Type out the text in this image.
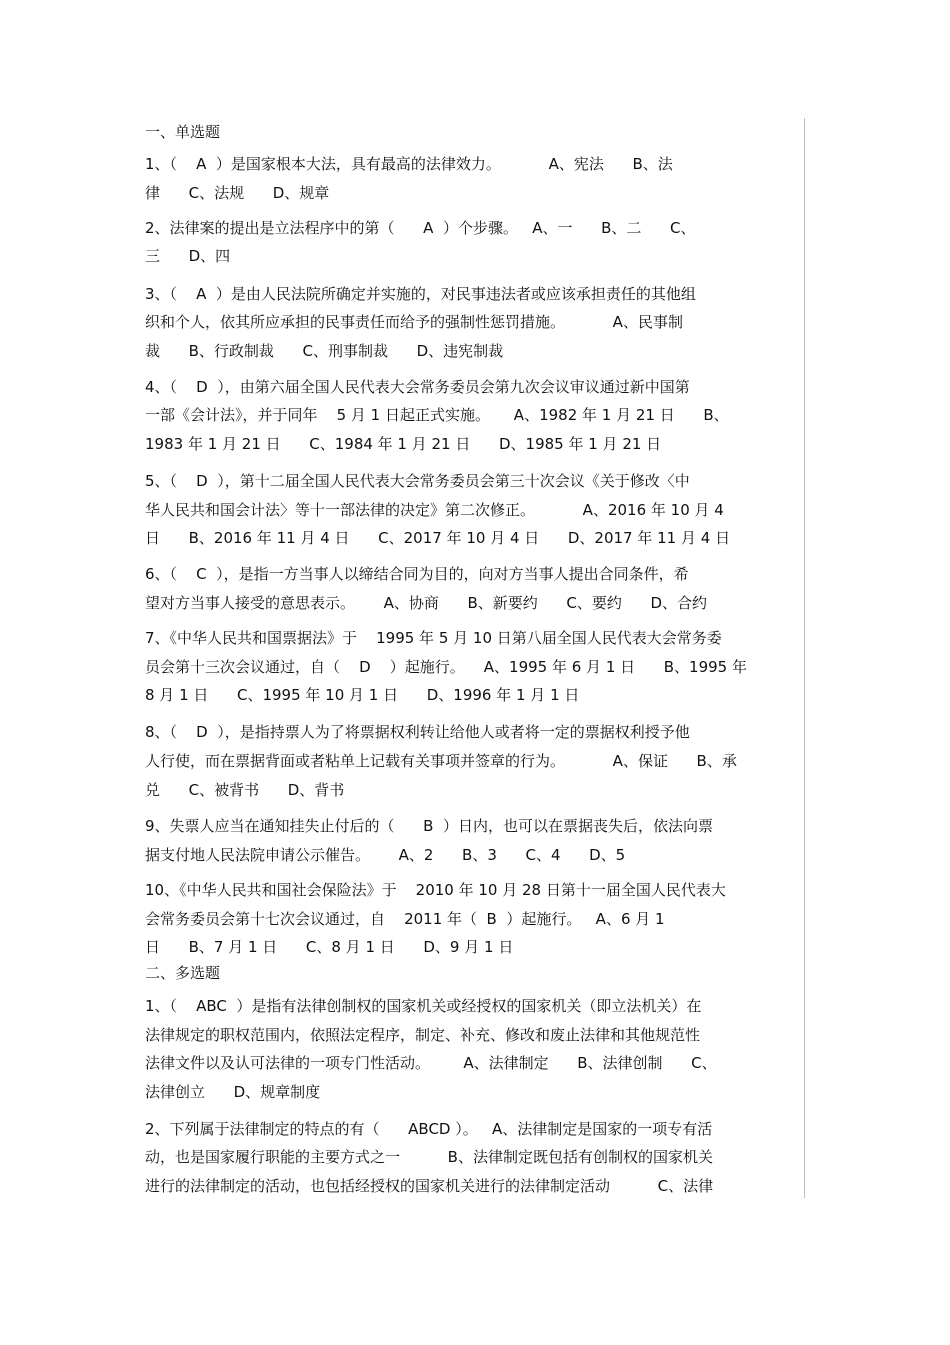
一、单选题
1、（    A  ）是国家根本大法，具有最高的法律效力。          A、宪法      B、法
律      C、法规      D、规章
2、法律案的提出是立法程序中的第（      A  ）个步骤。   A、一      B、二      C、
三      D、四
3、（    A  ）是由人民法院所确定并实施的，对民事违法者或应该承担责任的其他组
织和个人，依其所应承担的民事责任而给予的强制性惩罚措施。          A、民事制
裁      B、行政制裁      C、刑事制裁      D、违宪制裁
4、（    D  ），由第六届全国人民代表大会常务委员会第九次会议审议通过新中国第
一部《会计法》，并于同年    5 月 1 日起正式实施。     A、1982 年 1 月 21 日      B、
1983 年 1 月 21 日      C、1984 年 1 月 21 日      D、1985 年 1 月 21 日
5、（    D  ），第十二届全国人民代表大会常务委员会第三十次会议《关于修改〈中
华人民共和国会计法〉等十一部法律的决定》第二次修正。          A、2016 年 10 月 4
日      B、2016 年 11 月 4 日      C、2017 年 10 月 4 日      D、2017 年 11 月 4 日
6、（    C  ），是指一方当事人以缔结合同为目的，向对方当事人提出合同条件，希
望对方当事人接受的意思表示。      A、协商      B、新要约      C、要约      D、合约
7、《中华人民共和国票据法》于    1995 年 5 月 10 日第八届全国人民代表大会常务委
员会第十三次会议通过，自（    D    ）起施行。    A、1995 年 6 月 1 日      B、1995 年
8 月 1 日      C、1995 年 10 月 1 日      D、1996 年 1 月 1 日
8、（    D  ），是指持票人为了将票据权利转让给他人或者将一定的票据权利授予他
人行使，而在票据背面或者粘单上记载有关事项并签章的行为。          A、保证      B、承
兑      C、被背书      D、背书
9、失票人应当在通知挂失止付后的（      B  ）日内，也可以在票据丧失后，依法向票
据支付地人民法院申请公示催告。      A、2      B、3      C、4      D、5
10、《中华人民共和国社会保险法》于    2010 年 10 月 28 日第十一届全国人民代表大
会常务委员会第十七次会议通过，自    2011 年（  B  ）起施行。   A、6 月 1
日      B、7 月 1 日      C、8 月 1 日      D、9 月 1 日
二、多选题
1、（    ABC  ）是指有法律创制权的国家机关或经授权的国家机关（即立法机关）在
法律规定的职权范围内，依照法定程序，制定、补充、修改和废止法律和其他规范性
法律文件以及认可法律的一项专门性活动。       A、法律制定      B、法律创制      C、
法律创立      D、规章制度
2、下列属于法律制定的特点的有（      ABCD ）。   A、法律制定是国家的一项专有活
动，也是国家履行职能的主要方式之一          B、法律制定既包括有创制权的国家机关
进行的法律制定的活动，也包括经授权的国家机关进行的法律制定活动          C、法律
